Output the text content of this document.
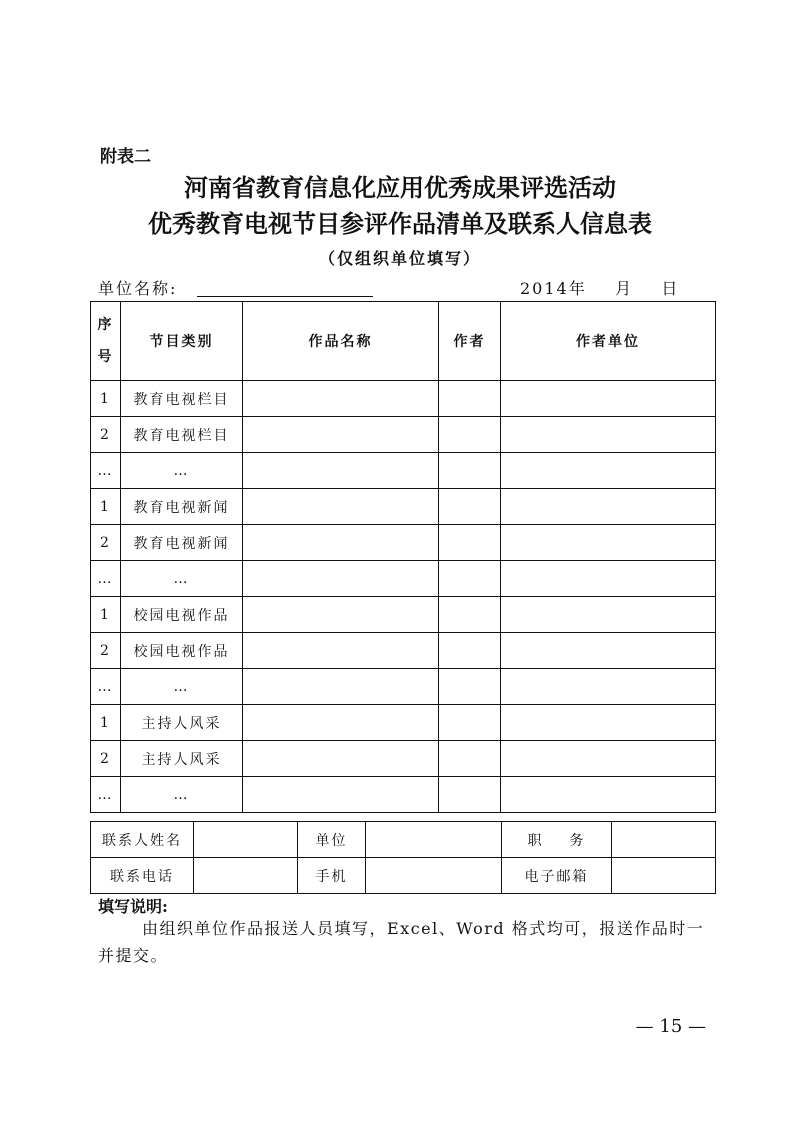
附表二
河南省教育信息化应用优秀成果评选活动
优秀教育电视节目参评作品清单及联系人信息表
（仅组织单位填写）
单位名称:	2014年    月    日
序
号	节目类别	作品名称	作者	作者单位
1	教育电视栏目			
2	教育电视栏目			
…	…			
1	教育电视新闻			
2	教育电视新闻			
…	…			
1	校园电视作品			
2	校园电视作品			
…	…			
1	主持人风采			
2	主持人风采			
…	…			
联系人姓名		单位		职    务	
联系电话		手机		电子邮箱	
填写说明:
由组织单位作品报送人员填写，Excel、Word 格式均可，报送作品时一并提交。
— 15 —
